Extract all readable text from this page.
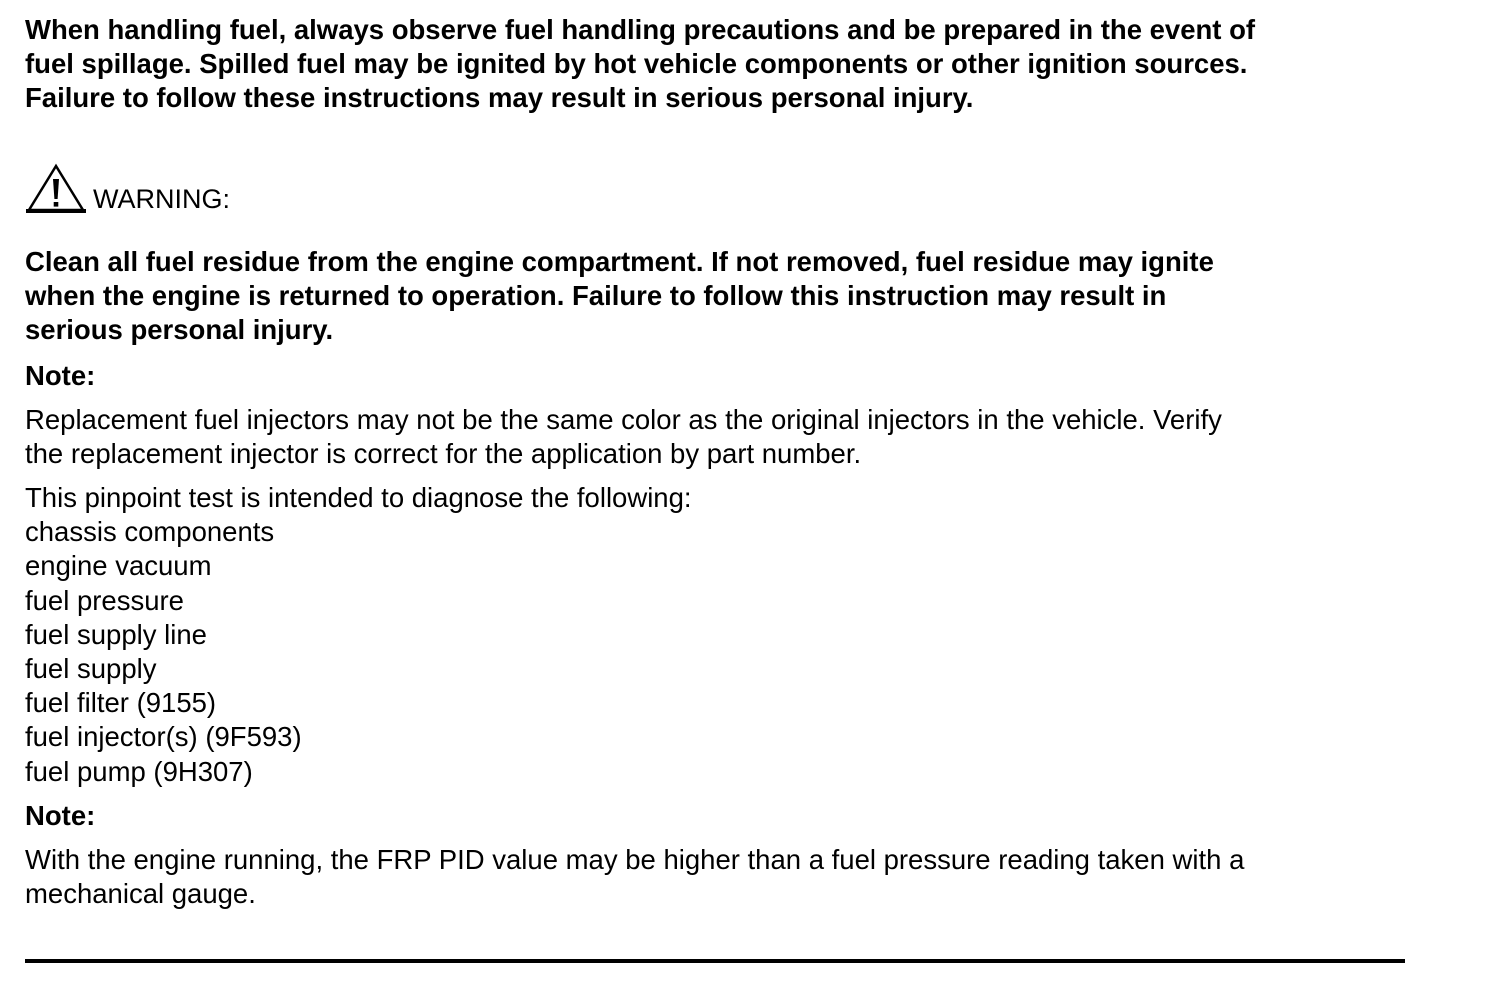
When handling fuel, always observe fuel handling precautions and be prepared in the event of
fuel spillage. Spilled fuel may be ignited by hot vehicle components or other ignition sources.
Failure to follow these instructions may result in serious personal injury.
WARNING:
Clean all fuel residue from the engine compartment. If not removed, fuel residue may ignite
when the engine is returned to operation. Failure to follow this instruction may result in
serious personal injury.
Note:
Replacement fuel injectors may not be the same color as the original injectors in the vehicle. Verify
the replacement injector is correct for the application by part number.
This pinpoint test is intended to diagnose the following:
chassis components
engine vacuum
fuel pressure
fuel supply line
fuel supply
fuel filter (9155)
fuel injector(s) (9F593)
fuel pump (9H307)
Note:
With the engine running, the FRP PID value may be higher than a fuel pressure reading taken with a
mechanical gauge.
